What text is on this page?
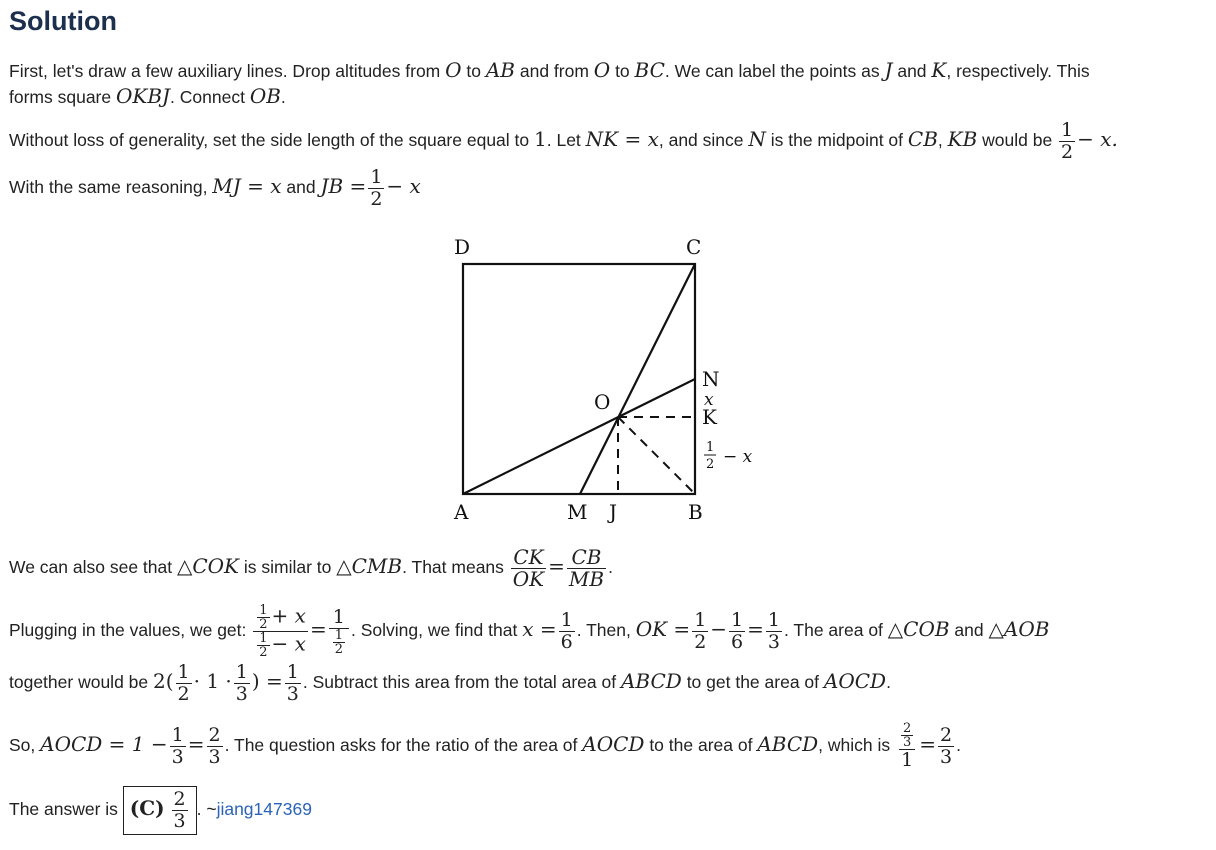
Solution
First, let's draw a few auxiliary lines. Drop altitudes from O to AB and from O to BC. We can label the points as J and K, respectively. This
forms square OKBJ. Connect OB.
Without loss of generality, set the side length of the square equal to 1. Let NK = x, and since N is the midpoint of CB, KB would be $\frac{1}{2} - x$.
With the same reasoning, MJ = x and JB = $\frac{1}{2} - x$
D	C
A	B
M J
N
K
O	x
1
2 − x
We can also see that △COK is similar to △CMB. That means $\frac{CK}{OK} = \frac{CB}{MB}$ .
Plugging in the values, we get: $\frac{\frac{1}{2} + x}{\frac{1}{2} - x} = \frac{1}{\frac{1}{2}}$ . Solving, we find that $x = \frac{1}{6}$ . Then, OK = $\frac{1}{2} - \frac{1}{6} = \frac{1}{3}$ . The area of △COB and △AOB
together would be $2( \frac{1}{2} \cdot 1 \cdot \frac{1}{3}$ ) = $\frac{1}{3}$ . Subtract this area from the total area of ABCD to get the area of AOCD.
So, AOCD = $1 - \frac{1}{3} = \frac{2}{3}$ . The question asks for the ratio of the area of AOCD to the area of ABCD, which is $\frac{\frac{2}{3}}{1} = \frac{2}{3}$ .
The answer is $(C) \frac{2}{3}$ . ~jiang147369
